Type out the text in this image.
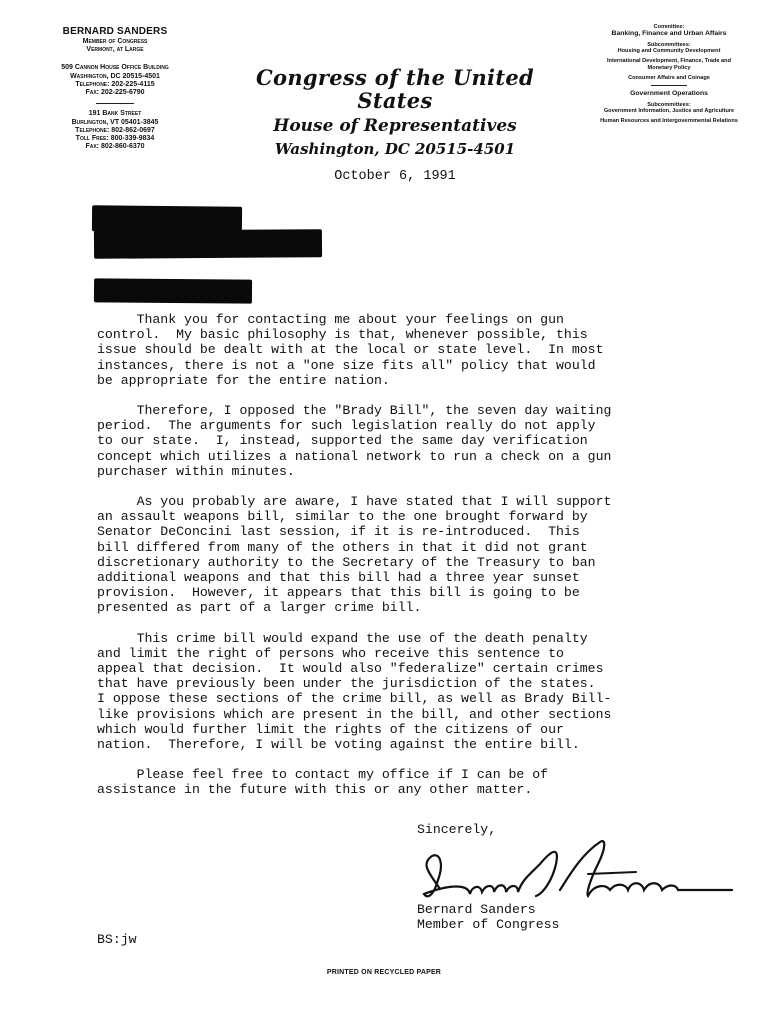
BERNARD SANDERS
Member of Congress
Vermont, at Large
509 Cannon House Office Building
Washington, DC 20515-4501
Telephone: 202-225-4115
Fax: 202-225-6790
191 Bank Street
Burlington, VT 05401-3845
Telephone: 802-862-0697
Toll Free: 800-339-9834
Fax: 802-860-6370
Congress of the United States
House of Representatives
Washington, DC 20515-4501
October 6, 1991
Committee:
Banking, Finance and Urban Affairs
Subcommittees:
Housing and Community Development
International Development, Finance, Trade and Monetary Policy
Consumer Affairs and Coinage
Government Operations
Subcommittees:
Government Information, Justice and Agriculture
Human Resources and Intergovernmental Relations

Thank you for contacting me about your feelings on gun
control.  My basic philosophy is that, whenever possible, this
issue should be dealt with at the local or state level.  In most
instances, there is not a "one size fits all" policy that would
be appropriate for the entire nation.

Therefore, I opposed the "Brady Bill", the seven day waiting
period.  The arguments for such legislation really do not apply
to our state.  I, instead, supported the same day verification
concept which utilizes a national network to run a check on a gun
purchaser within minutes.

As you probably are aware, I have stated that I will support
an assault weapons bill, similar to the one brought forward by
Senator DeConcini last session, if it is re-introduced.  This
bill differed from many of the others in that it did not grant
discretionary authority to the Secretary of the Treasury to ban
additional weapons and that this bill had a three year sunset
provision.  However, it appears that this bill is going to be
presented as part of a larger crime bill.

This crime bill would expand the use of the death penalty
and limit the right of persons who receive this sentence to
appeal that decision.  It would also "federalize" certain crimes
that have previously been under the jurisdiction of the states.
I oppose these sections of the crime bill, as well as Brady Bill-
like provisions which are present in the bill, and other sections
which would further limit the rights of the citizens of our
nation.  Therefore, I will be voting against the entire bill.

Please feel free to contact my office if I can be of
assistance in the future with this or any other matter.

Sincerely,
Bernard Sanders
Member of Congress
BS:jw
PRINTED ON RECYCLED PAPER
